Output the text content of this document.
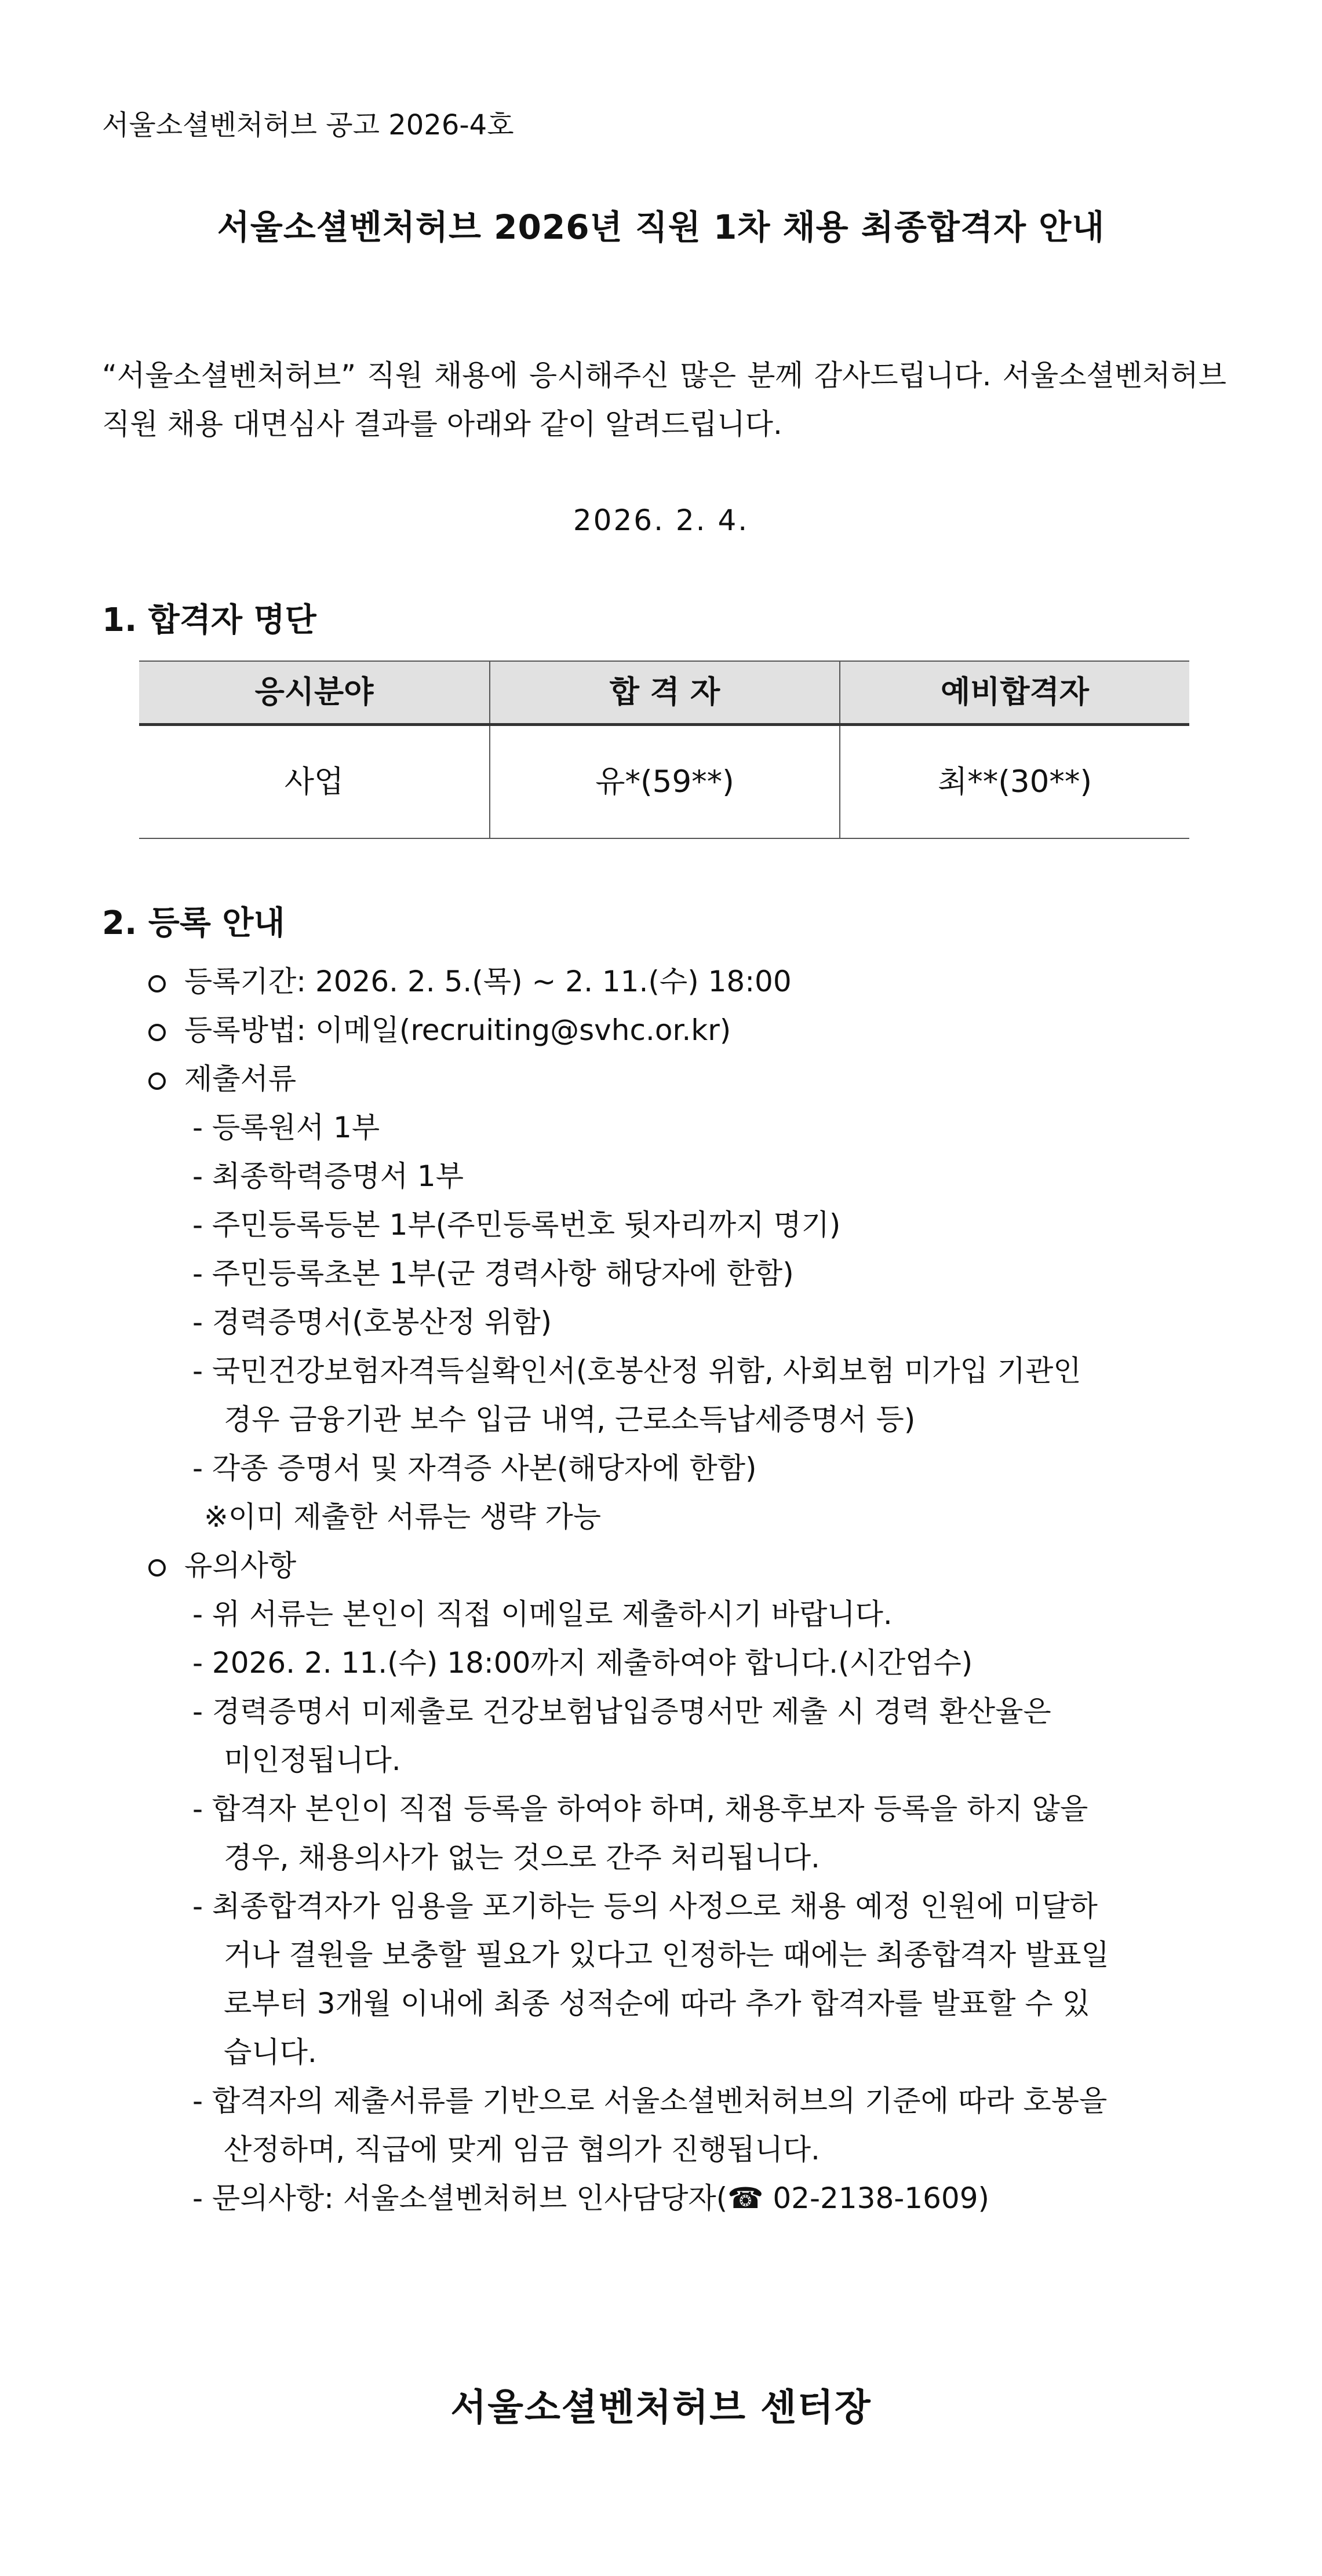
서울소셜벤처허브 공고 2026-4호
서울소셜벤처허브 2026년 직원 1차 채용 최종합격자 안내
“서울소셜벤처허브” 직원 채용에 응시해주신 많은 분께 감사드립니다. 서울소셜벤처허브 직원 채용 대면심사 결과를 아래와 같이 알려드립니다.
2026. 2. 4.
1. 합격자 명단
응시분야	합 격 자	예비합격자
사업	유*(59**)	최**(30**)
2. 등록 안내
등록기간: 2026. 2. 5.(목) ~ 2. 11.(수) 18:00
등록방법: 이메일(recruiting@svhc.or.kr)
제출서류
- 등록원서 1부
- 최종학력증명서 1부
- 주민등록등본 1부(주민등록번호 뒷자리까지 명기)
- 주민등록초본 1부(군 경력사항 해당자에 한함)
- 경력증명서(호봉산정 위함)
- 국민건강보험자격득실확인서(호봉산정 위함, 사회보험 미가입 기관인
경우 금융기관 보수 입금 내역, 근로소득납세증명서 등)
- 각종 증명서 및 자격증 사본(해당자에 한함)
※이미 제출한 서류는 생략 가능
유의사항
- 위 서류는 본인이 직접 이메일로 제출하시기 바랍니다.
- 2026. 2. 11.(수) 18:00까지 제출하여야 합니다.(시간엄수)
- 경력증명서 미제출로 건강보험납입증명서만 제출 시 경력 환산율은
미인정됩니다.
- 합격자 본인이 직접 등록을 하여야 하며, 채용후보자 등록을 하지 않을
경우, 채용의사가 없는 것으로 간주 처리됩니다.
- 최종합격자가 임용을 포기하는 등의 사정으로 채용 예정 인원에 미달하
거나 결원을 보충할 필요가 있다고 인정하는 때에는 최종합격자 발표일
로부터 3개월 이내에 최종 성적순에 따라 추가 합격자를 발표할 수 있
습니다.
- 합격자의 제출서류를 기반으로 서울소셜벤처허브의 기준에 따라 호봉을
산정하며, 직급에 맞게 임금 협의가 진행됩니다.
- 문의사항: 서울소셜벤처허브 인사담당자(☎ 02-2138-1609)
서울소셜벤처허브 센터장
